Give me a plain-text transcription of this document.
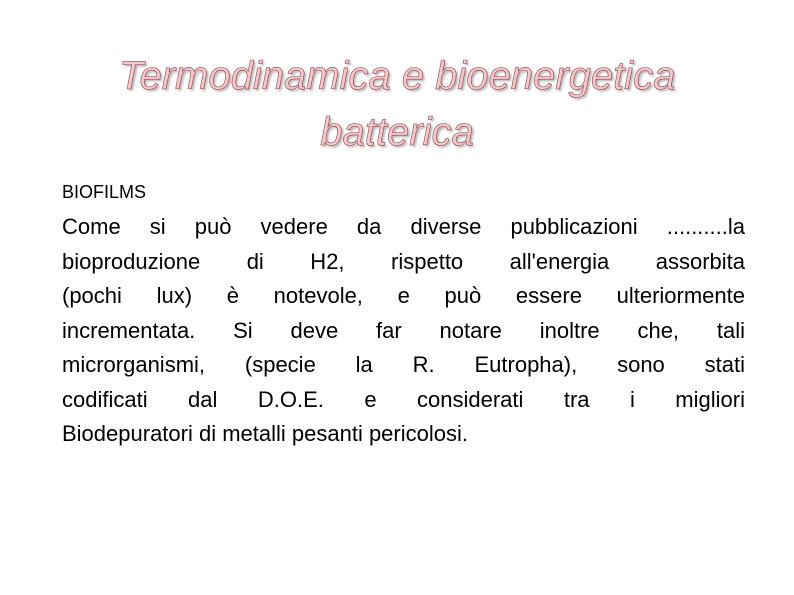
Termodinamica e bioenergetica
batterica
BIOFILMS
Come si può vedere da diverse pubblicazioni ..........la
bioproduzione di H2, rispetto all'energia assorbita
(pochi lux) è notevole, e può essere ulteriormente
incrementata. Si deve far notare inoltre che, tali
microrganismi, (specie la R. Eutropha), sono stati
codificati dal D.O.E. e considerati tra i migliori
Biodepuratori di metalli pesanti pericolosi.
